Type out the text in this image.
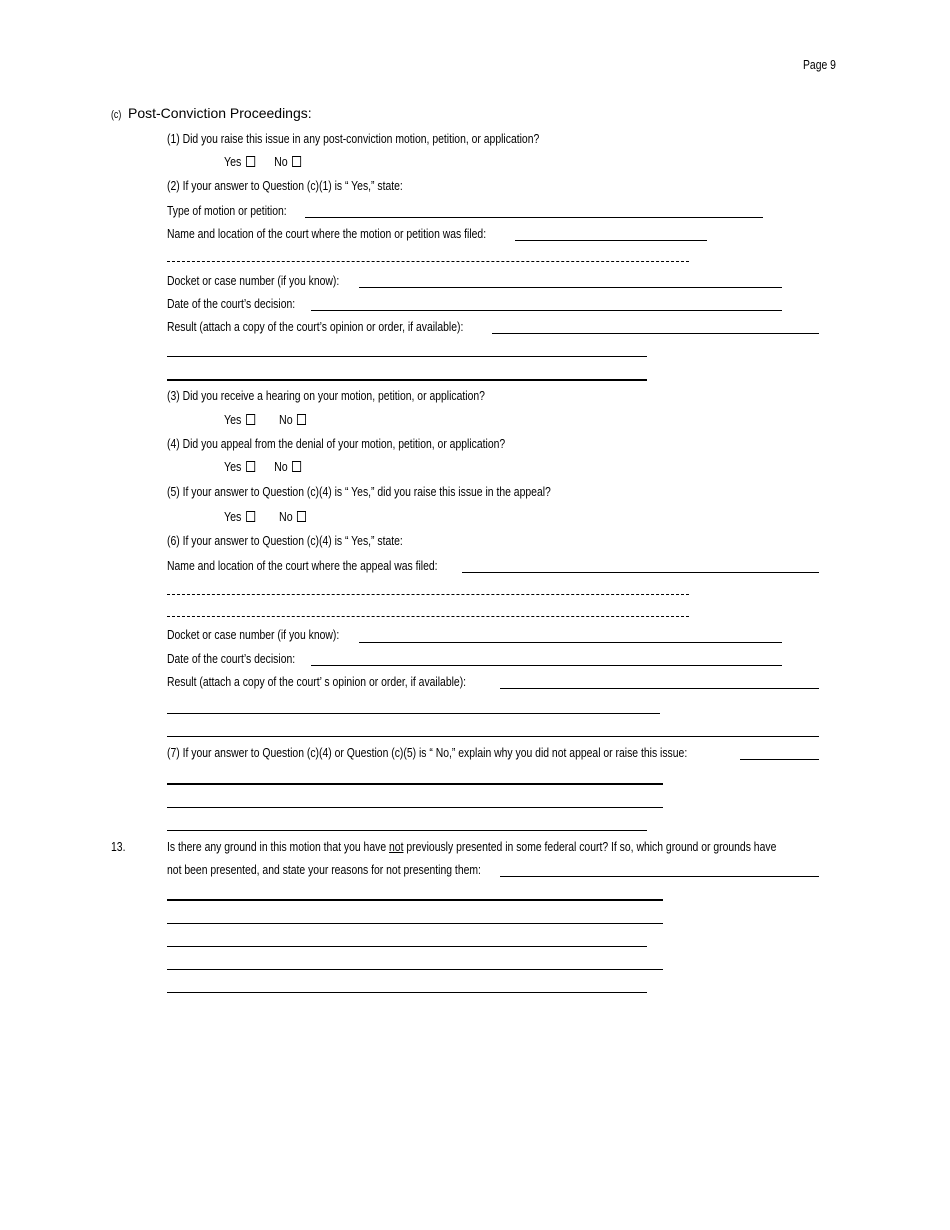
Page 9
(c) Post-Conviction Proceedings:
(1) Did you raise this issue in any post-conviction motion, petition, or application?
Yes	No
(2) If your answer to Question (c)(1) is “ Yes,” state:
Type of motion or petition:
Name and location of the court where the motion or petition was filed:
Docket or case number (if you know):
Date of the court’s decision:
Result (attach a copy of the court’s opinion or order, if available):
(3) Did you receive a hearing on your motion, petition, or application?
Yes	No
(4) Did you appeal from the denial of your motion, petition, or application?
Yes	No
(5) If your answer to Question (c)(4) is “ Yes,” did you raise this issue in the appeal?
Yes	No
(6) If your answer to Question (c)(4) is “ Yes,” state:
Name and location of the court where the appeal was filed:
Docket or case number (if you know):
Date of the court’s decision:
Result (attach a copy of the court’ s opinion or order, if available):
(7) If your answer to Question (c)(4) or Question (c)(5) is “ No,” explain why you did not appeal or raise this issue:
13.	Is there any ground in this motion that you have not previously presented in some federal court? If so, which ground or grounds have
not been presented, and state your reasons for not presenting them:
